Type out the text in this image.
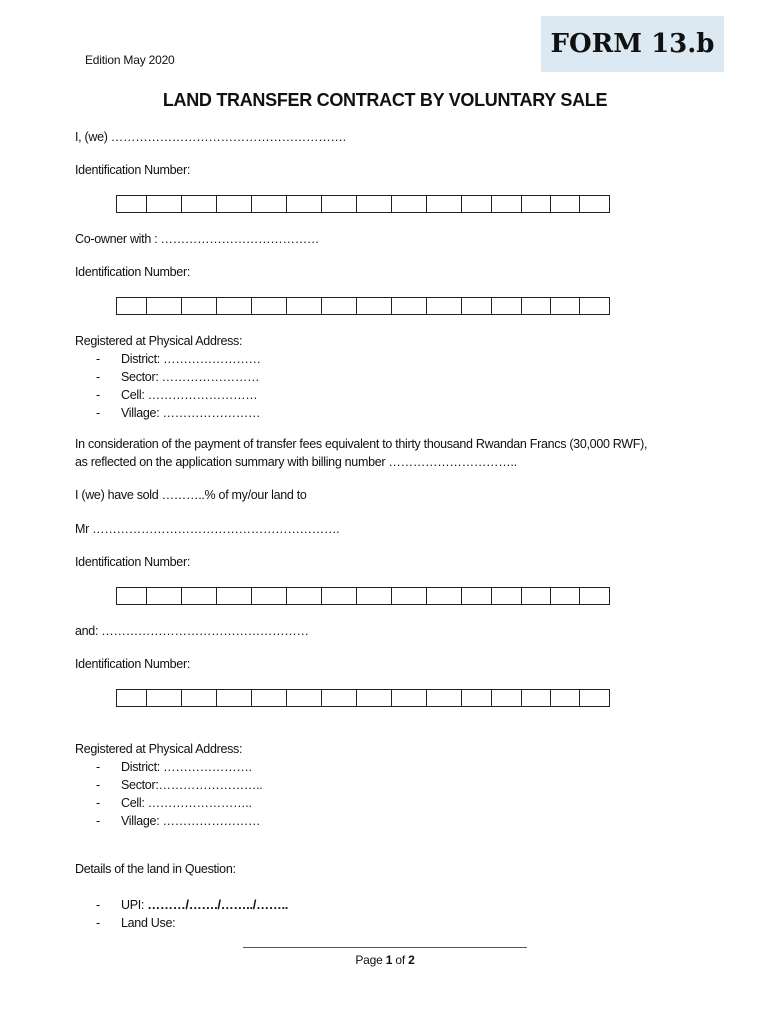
FORM 13.b
Edition May 2020
LAND TRANSFER CONTRACT BY VOLUNTARY SALE
I, (we) ………………………………………………….
Identification Number:
Co-owner with : …………………………………
Identification Number:
Registered at Physical Address:
- District: ……………………
- Sector: ……………………
- Cell: ………………………
- Village: ……………………
In consideration of the payment of transfer fees equivalent to thirty thousand Rwandan Francs (30,000 RWF),
as reflected on the application summary with billing number …………………………..
I (we) have sold ………..% of my/our land to
Mr …………………………………………………….
Identification Number:
and: ……………………………………………
Identification Number:
Registered at Physical Address:
- District: ………………….
- Sector:……………………..
- Cell: ……………………..
- Village: ……………………
Details of the land in Question:
- UPI: ………/……./……../……..
- Land Use:
Page 1 of 2
